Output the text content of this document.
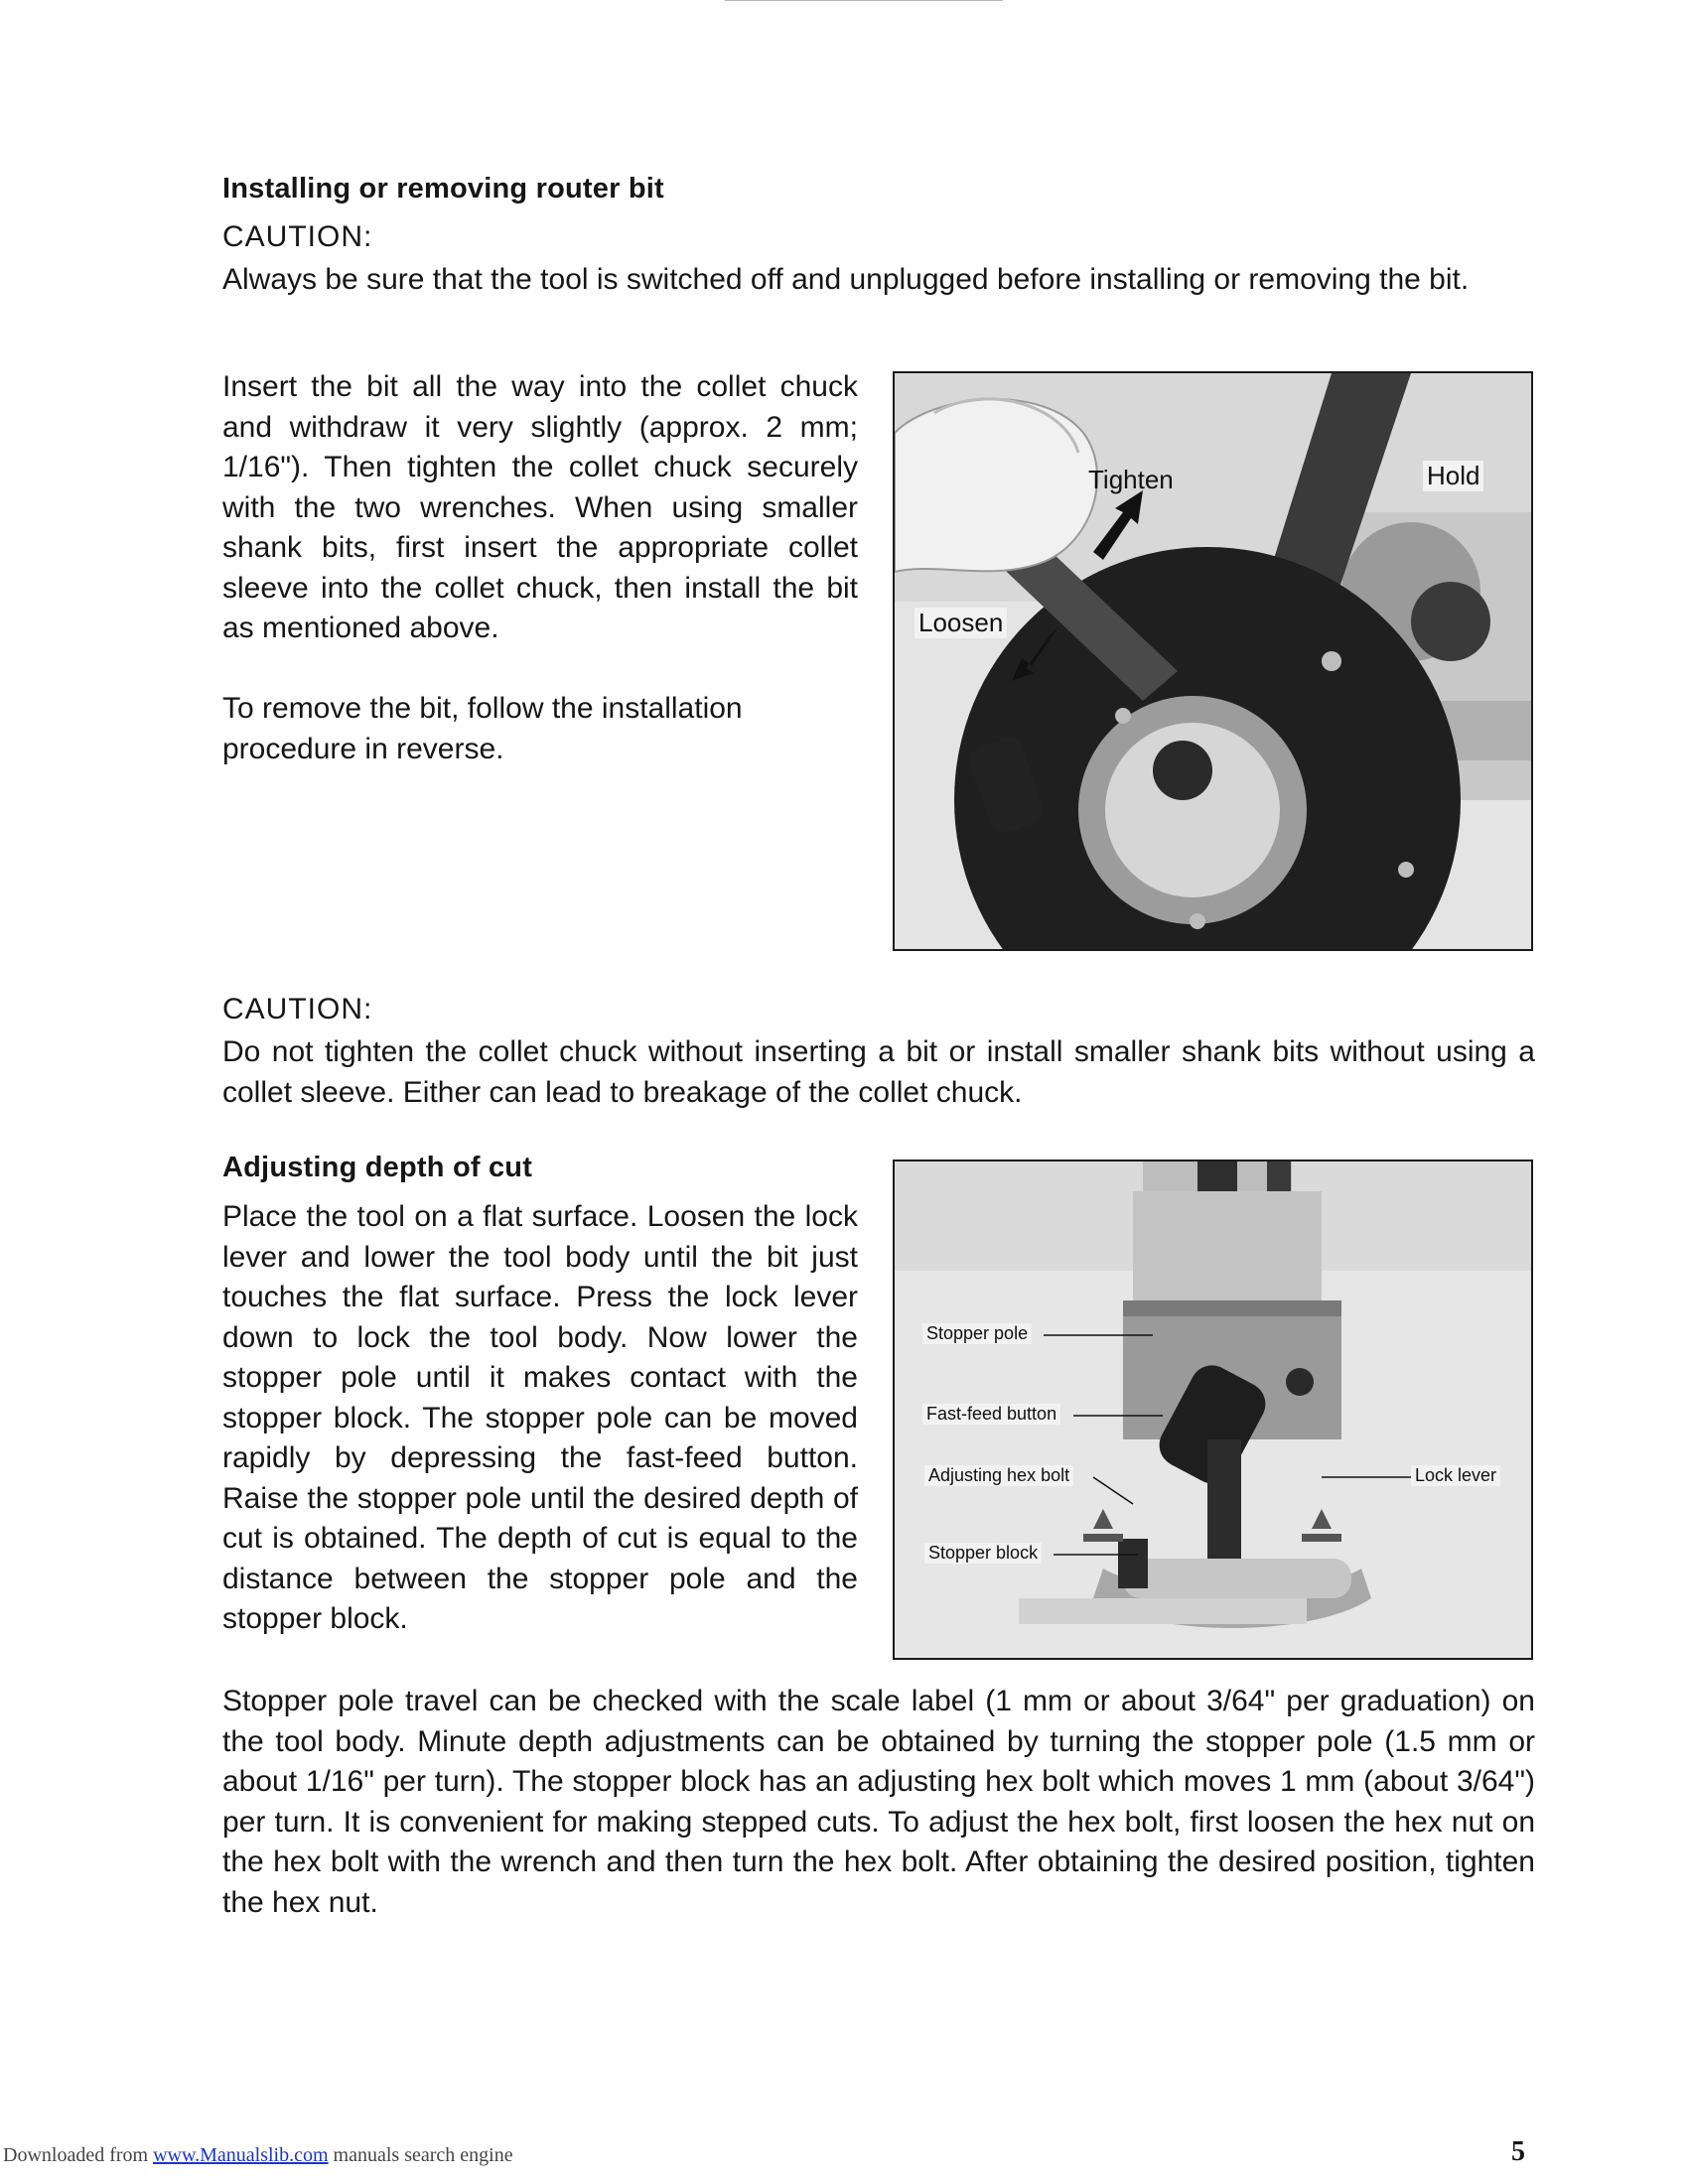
Installing or removing router bit
CAUTION:

Always be sure that the tool is switched off and unplugged before installing or removing the bit.

Insert the bit all the way into the collet chuck and withdraw it very slightly (approx. 2 mm; 1/16"). Then tighten the collet chuck securely with the two wrenches. When using smaller shank bits, first insert the appropriate collet sleeve into the collet chuck, then install the bit as mentioned above.

To remove the bit, follow the installation procedure in reverse.

Tighten	Hold
Loosen
CAUTION:

Do not tighten the collet chuck without inserting a bit or install smaller shank bits without using a collet sleeve. Either can lead to breakage of the collet chuck.

Adjusting depth of cut

Place the tool on a flat surface. Loosen the lock lever and lower the tool body until the bit just touches the flat surface. Press the lock lever down to lock the tool body. Now lower the stopper pole until it makes contact with the stopper block. The stopper pole can be moved rapidly by depressing the fast-feed button. Raise the stopper pole until the desired depth of cut is obtained. The depth of cut is equal to the distance between the stopper pole and the stopper block.

Stopper pole travel can be checked with the scale label (1 mm or about 3/64" per graduation) on the tool body. Minute depth adjustments can be obtained by turning the stopper pole (1.5 mm or about 1/16" per turn). The stopper block has an adjusting hex bolt which moves 1 mm (about 3/64") per turn. It is convenient for making stepped cuts. To adjust the hex bolt, first loosen the hex nut on the hex bolt with the wrench and then turn the hex bolt. After obtaining the desired position, tighten the hex nut.

Stopper pole
Fast-feed button
Adjusting hex bolt	Lock lever
Stopper block
5
Downloaded from www.Manualslib.com manuals search engine
